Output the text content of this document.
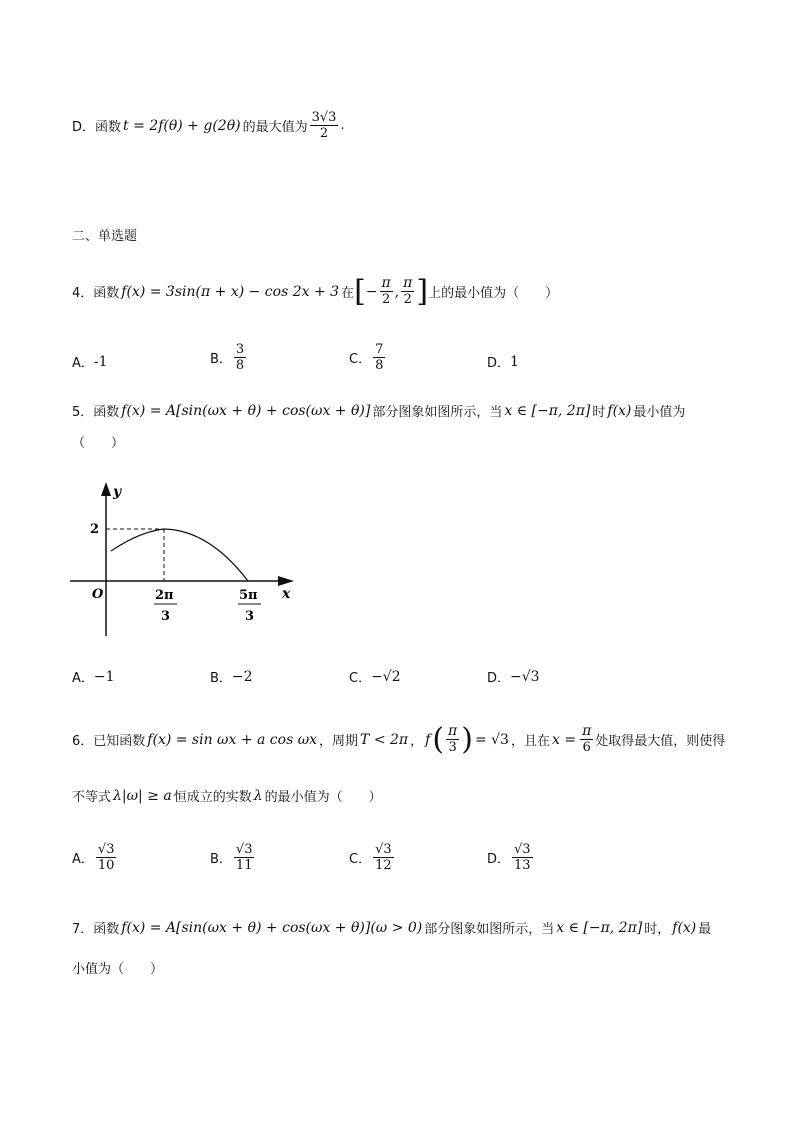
D． 函数 t = 2f(θ) + g(2θ) 的最大值为 $\frac{3√3}{2}$ .
二、单选题
4． 函数 f(x) = 3sin(π + x) − cos 2x + 3 在 [ − $\frac{\pi}{2}$ , $\frac{\pi}{2}$ ] 上的最小值为（　　）
A． -1	B． $\frac{3}{8}$	C． $\frac{7}{8}$	D． 1
5． 函数 f(x) = A[sin(ωx + θ) + cos(ωx + θ)] 部分图象如图所示，当 x ∈ [−π, 2π] 时 f(x) 最小值为
（　　）
y
x
O
2
2π
3
5π
3
A． −1	B． −2	C． −√2	D． −√3
6． 已知函数 f(x) = sin ωx + a cos ωx ，周期 T < 2π ， f ( $\frac{\pi}{3}$ ) = √3 ，且在 $x = \frac{\pi}{6}$ 处取得最大值，则使得
不等式 λ|ω| ≥ a 恒成立的实数 λ 的最小值为（　　）
A． $\frac{√3}{10}$	B． $\frac{√3}{11}$	C． $\frac{√3}{12}$	D． $\frac{√3}{13}$
7． 函数 f(x) = A[sin(ωx + θ) + cos(ωx + θ)](ω > 0) 部分图象如图所示，当 x ∈ [−π, 2π] 时， f(x) 最
小值为（　　）
